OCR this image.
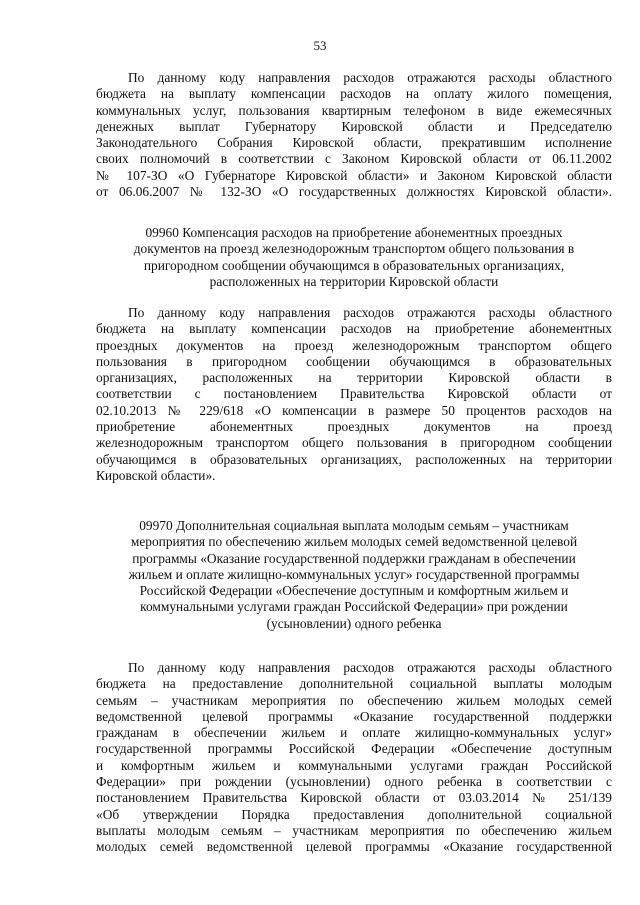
53
По данному коду направления расходов отражаются расходы областного
бюджета на выплату компенсации расходов на оплату жилого помещения,
коммунальных услуг, пользования квартирным телефоном в виде ежемесячных
денежных выплат Губернатору Кировской области и Председателю
Законодательного Собрания Кировской области, прекратившим исполнение
своих полномочий в соответствии с Законом Кировской области от 06.11.2002
№ 107-ЗО «О Губернаторе Кировской области» и Законом Кировской области
от 06.06.2007 № 132-ЗО «О государственных должностях Кировской области».
09960 Компенсация расходов на приобретение абонементных проездных
документов на проезд железнодорожным транспортом общего пользования в
пригородном сообщении обучающимся в образовательных организациях,
расположенных на территории Кировской области
По данному коду направления расходов отражаются расходы областного
бюджета на выплату компенсации расходов на приобретение абонементных
проездных документов на проезд железнодорожным транспортом общего
пользования в пригородном сообщении обучающимся в образовательных
организациях, расположенных на территории Кировской области в
соответствии с постановлением Правительства Кировской области от
02.10.2013 № 229/618 «О компенсации в размере 50 процентов расходов на
приобретение абонементных проездных документов на проезд
железнодорожным транспортом общего пользования в пригородном сообщении
обучающимся в образовательных организациях, расположенных на территории
Кировской области».
09970 Дополнительная социальная выплата молодым семьям – участникам
мероприятия по обеспечению жильем молодых семей ведомственной целевой
программы «Оказание государственной поддержки гражданам в обеспечении
жильем и оплате жилищно-коммунальных услуг» государственной программы
Российской Федерации «Обеспечение доступным и комфортным жильем и
коммунальными услугами граждан Российской Федерации» при рождении
(усыновлении) одного ребенка
По данному коду направления расходов отражаются расходы областного
бюджета на предоставление дополнительной социальной выплаты молодым
семьям – участникам мероприятия по обеспечению жильем молодых семей
ведомственной целевой программы «Оказание государственной поддержки
гражданам в обеспечении жильем и оплате жилищно-коммунальных услуг»
государственной программы Российской Федерации «Обеспечение доступным
и комфортным жильем и коммунальными услугами граждан Российской
Федерации» при рождении (усыновлении) одного ребенка в соответствии с
постановлением Правительства Кировской области от 03.03.2014 № 251/139
«Об утверждении Порядка предоставления дополнительной социальной
выплаты молодым семьям – участникам мероприятия по обеспечению жильем
молодых семей ведомственной целевой программы «Оказание государственной
